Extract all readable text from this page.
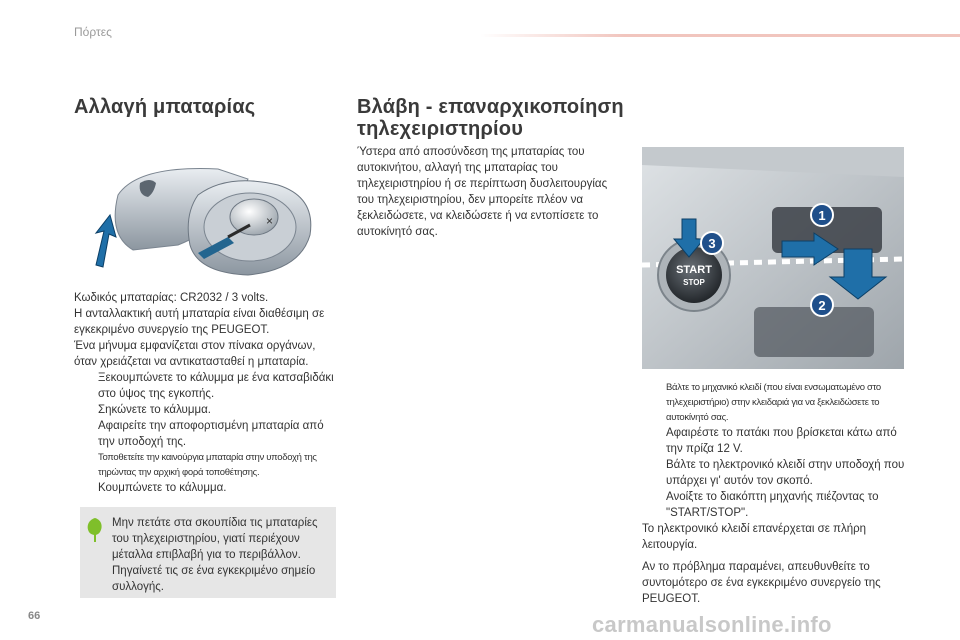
Πόρτες
Αλλαγή μπαταρίας	Βλάβη - επαναρχικοποίηση τηλεχειριστηρίου
×

Κωδικός μπαταρίας: CR2032 / 3 volts.

Η ανταλλακτική αυτή μπαταρία είναι διαθέσιμη σε εγκεκριμένο συνεργείο της PEUGEOT.

Ένα μήνυμα εμφανίζεται στον πίνακα οργάνων, όταν χρειάζεται να αντικατασταθεί η μπαταρία.

Ξεκουμπώνετε το κάλυμμα με ένα κατσαβιδάκι στο ύψος της εγκοπής.
Σηκώνετε το κάλυμμα.
Αφαιρείτε την αποφορτισμένη μπαταρία από την υποδοχή της.
Τοποθετείτε την καινούργια μπαταρία στην υποδοχή της τηρώντας την αρχική φορά τοποθέτησης.
Κουμπώνετε το κάλυμμα.
Μην πετάτε στα σκουπίδια τις μπαταρίες του τηλεχειριστηρίου, γιατί περιέχουν μέταλλα επιβλαβή για το περιβάλλον. Πηγαίνετέ τις σε ένα εγκεκριμένο σημείο συλλογής.

Ύστερα από αποσύνδεση της μπαταρίας του αυτοκινήτου, αλλαγή της μπαταρίας του τηλεχειριστηρίου ή σε περίπτωση δυσλειτουργίας του τηλεχειριστηρίου, δεν μπορείτε πλέον να ξεκλειδώσετε, να κλειδώσετε ή να εντοπίσετε το αυτοκίνητό σας.

START
STOP
1
2
3
Βάλτε το μηχανικό κλειδί (που είναι ενσωματωμένο στο τηλεχειριστήριο) στην κλειδαριά για να ξεκλειδώσετε το αυτοκίνητό σας.
Αφαιρέστε το πατάκι που βρίσκεται κάτω από την πρίζα 12 V.
Βάλτε το ηλεκτρονικό κλειδί στην υποδοχή που υπάρχει γι' αυτόν τον σκοπό.
Ανοίξτε το διακόπτη μηχανής πιέζοντας το "START/STOP".

Το ηλεκτρονικό κλειδί επανέρχεται σε πλήρη λειτουργία.

Αν το πρόβλημα παραμένει, απευθυνθείτε το συντομότερο σε ένα εγκεκριμένο συνεργείο της PEUGEOT.

66	carmanualsonline.info
